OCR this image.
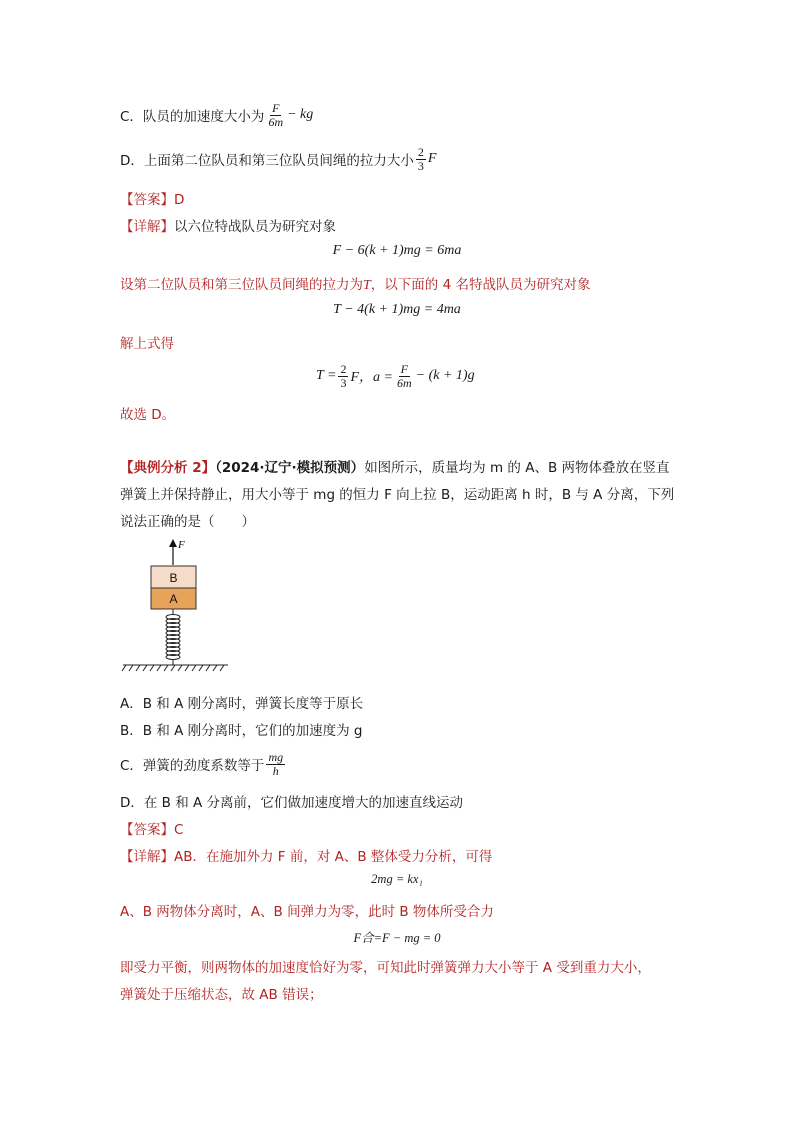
C．队员的加速度大小为 $\frac{F}{6m}$ − kg
D．上面第二位队员和第三位队员间绳的拉力大小 $\frac{2}{3}$ F
【答案】D
【详解】以六位特战队员为研究对象
F − 6(k + 1)mg = 6ma
设第二位队员和第三位队员间绳的拉力为T，以下面的 4 名特战队员为研究对象
T − 4(k + 1)mg = 4ma
解上式得
$T = \frac{2}{3}$ F，$a = \frac{F}{6m} - (k + 1)g$
故选 D。
【典例分析 2】（2024·辽宁·模拟预测）如图所示，质量均为 m 的 A、B 两物体叠放在竖直
弹簧上并保持静止，用大小等于 mg 的恒力 F 向上拉 B，运动距离 h 时，B 与 A 分离，下列
说法正确的是（　　）
F
B
A
A．B 和 A 刚分离时，弹簧长度等于原长
B．B 和 A 刚分离时，它们的加速度为 g
C．弹簧的劲度系数等于 $\frac{mg}{h}$
D．在 B 和 A 分离前，它们做加速度增大的加速直线运动
【答案】C
【详解】AB．在施加外力 F 前，对 A、B 整体受力分析，可得
2mg = kx₁
A、B 两物体分离时，A、B 间弹力为零，此时 B 物体所受合力
F合=F − mg = 0
即受力平衡，则两物体的加速度恰好为零，可知此时弹簧弹力大小等于 A 受到重力大小，
弹簧处于压缩状态，故 AB 错误；
